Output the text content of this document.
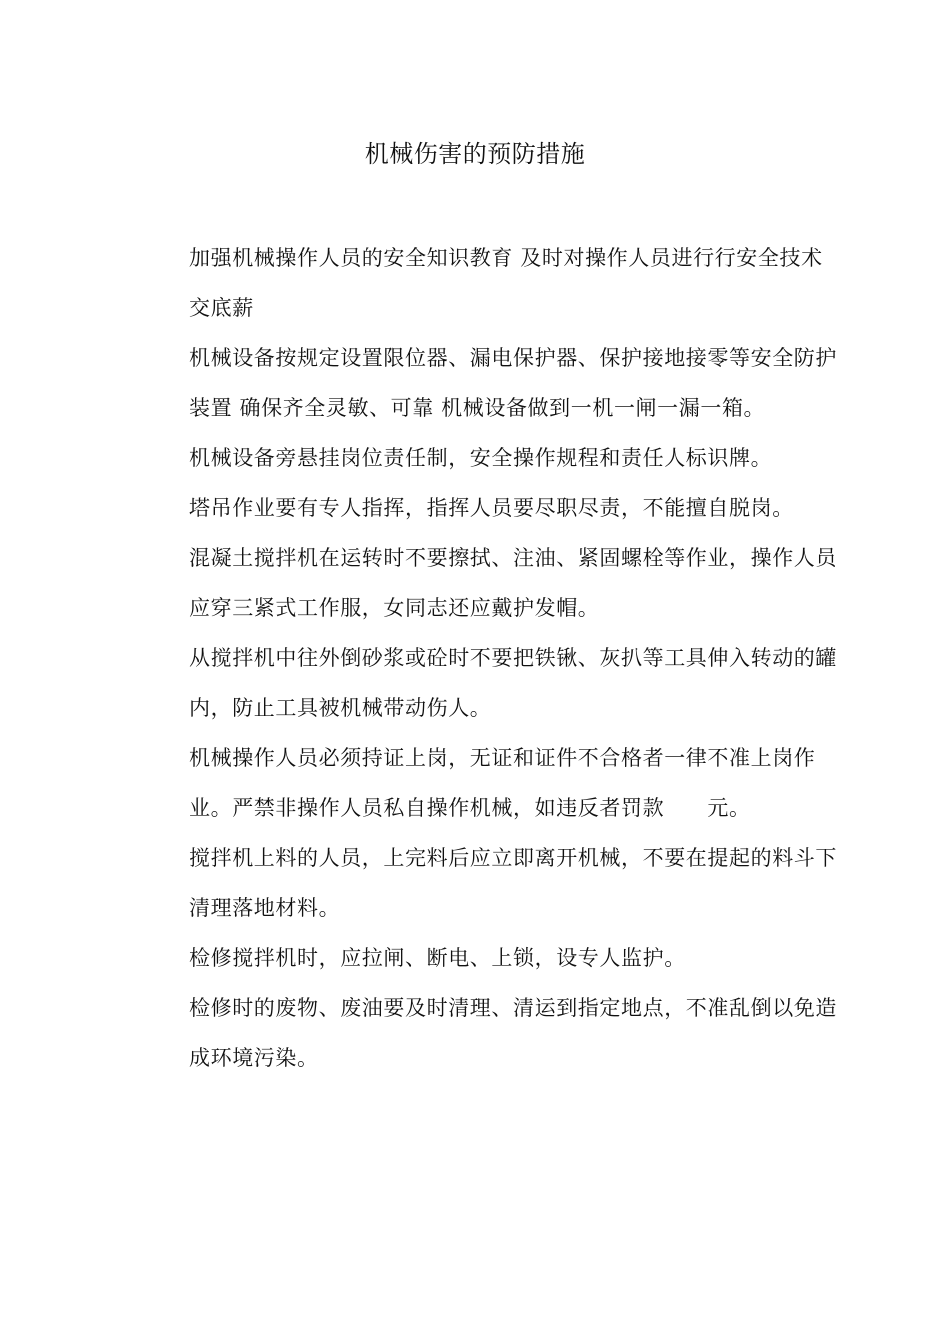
机械伤害的预防措施

加强机械操作人员的安全知识教育 及时对操作人员进行行安全技术交底薪

机械设备按规定设置限位器、漏电保护器、保护接地接零等安全防护装置 确保齐全灵敏、可靠 机械设备做到一机一闸一漏一箱。

机械设备旁悬挂岗位责任制，安全操作规程和责任人标识牌。

塔吊作业要有专人指挥，指挥人员要尽职尽责，不能擅自脱岗。

混凝土搅拌机在运转时不要擦拭、注油、紧固螺栓等作业，操作人员应穿三紧式工作服，女同志还应戴护发帽。

从搅拌机中往外倒砂浆或砼时不要把铁锹、灰扒等工具伸入转动的罐内，防止工具被机械带动伤人。

机械操作人员必须持证上岗，无证和证件不合格者一律不准上岗作业。严禁非操作人员私自操作机械，如违反者罚款　　元。

搅拌机上料的人员，上完料后应立即离开机械，不要在提起的料斗下清理落地材料。

检修搅拌机时，应拉闸、断电、上锁，设专人监护。

检修时的废物、废油要及时清理、清运到指定地点，不准乱倒以免造成环境污染。
